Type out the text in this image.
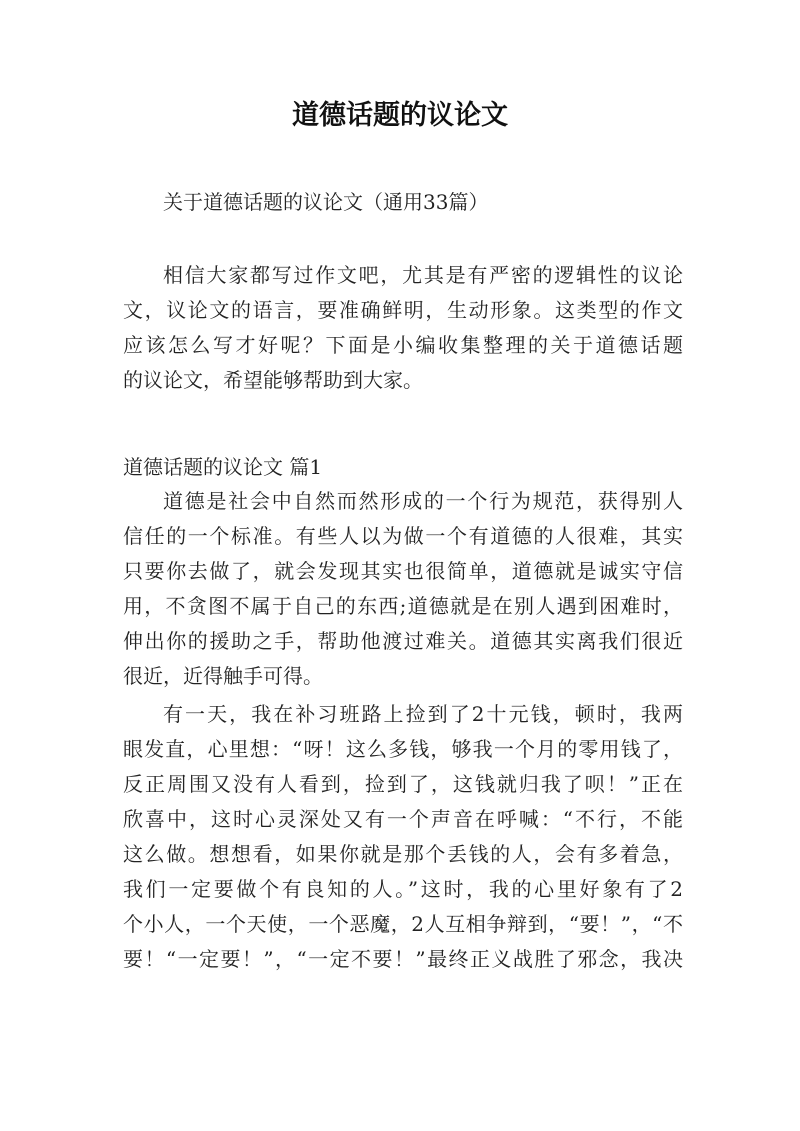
道德话题的议论文
关于道德话题的议论文（通用33篇）
相信大家都写过作文吧，尤其是有严密的逻辑性的议论
文，议论文的语言，要准确鲜明，生动形象。这类型的作文
应该怎么写才好呢？下面是小编收集整理的关于道德话题
的议论文，希望能够帮助到大家。
道德话题的议论文 篇1
道德是社会中自然而然形成的一个行为规范，获得别人
信任的一个标准。有些人以为做一个有道德的人很难，其实
只要你去做了，就会发现其实也很简单，道德就是诚实守信
用，不贪图不属于自己的东西;道德就是在别人遇到困难时，
伸出你的援助之手，帮助他渡过难关。道德其实离我们很近
很近，近得触手可得。
有一天，我在补习班路上捡到了2十元钱，顿时，我两
眼发直，心里想：“呀！这么多钱，够我一个月的零用钱了，
反正周围又没有人看到，捡到了，这钱就归我了呗！”正在
欣喜中，这时心灵深处又有一个声音在呼喊：“不行，不能
这么做。想想看，如果你就是那个丢钱的人，会有多着急，
我们一定要做个有良知的人。”这时，我的心里好象有了2
个小人，一个天使，一个恶魔，2人互相争辩到，“要！”，“不
要！“一定要！”，“一定不要！”最终正义战胜了邪念，我决
